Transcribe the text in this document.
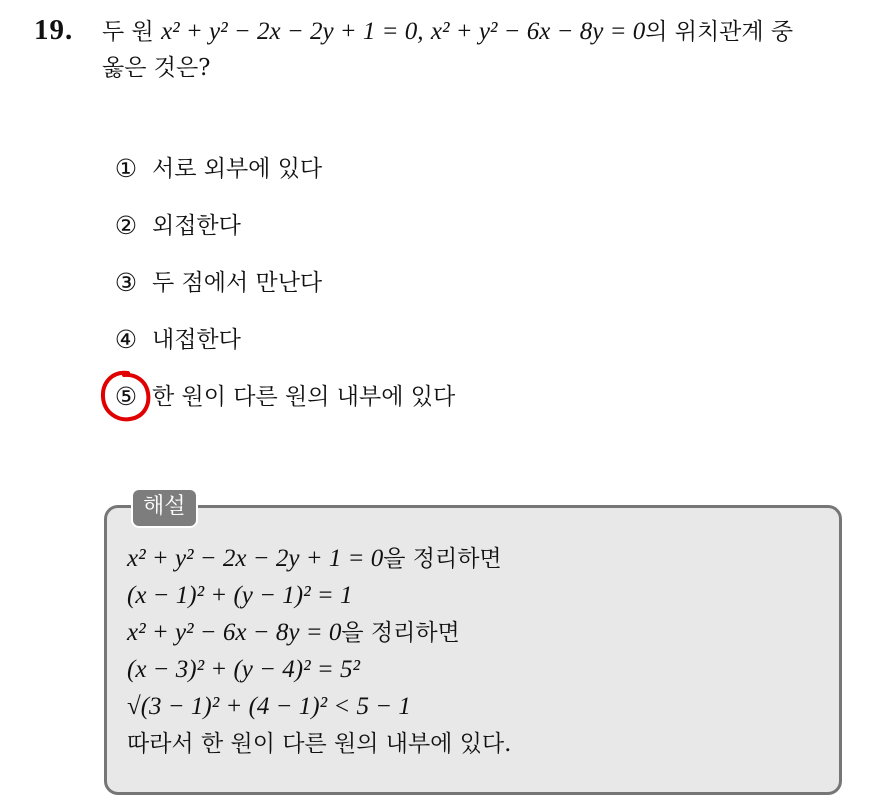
19. 두 원 x² + y² − 2x − 2y + 1 = 0, x² + y² − 6x − 8y = 0의 위치관계 중
옳은 것은?
① 서로 외부에 있다
② 외접한다
③ 두 점에서 만난다
④ 내접한다
⑤ 한 원이 다른 원의 내부에 있다
해설
x² + y² − 2x − 2y + 1 = 0을 정리하면
(x − 1)² + (y − 1)² = 1
x² + y² − 6x − 8y = 0을 정리하면
(x − 3)² + (y − 4)² = 5²
√(3 − 1)² + (4 − 1)² < 5 − 1
따라서 한 원이 다른 원의 내부에 있다.
